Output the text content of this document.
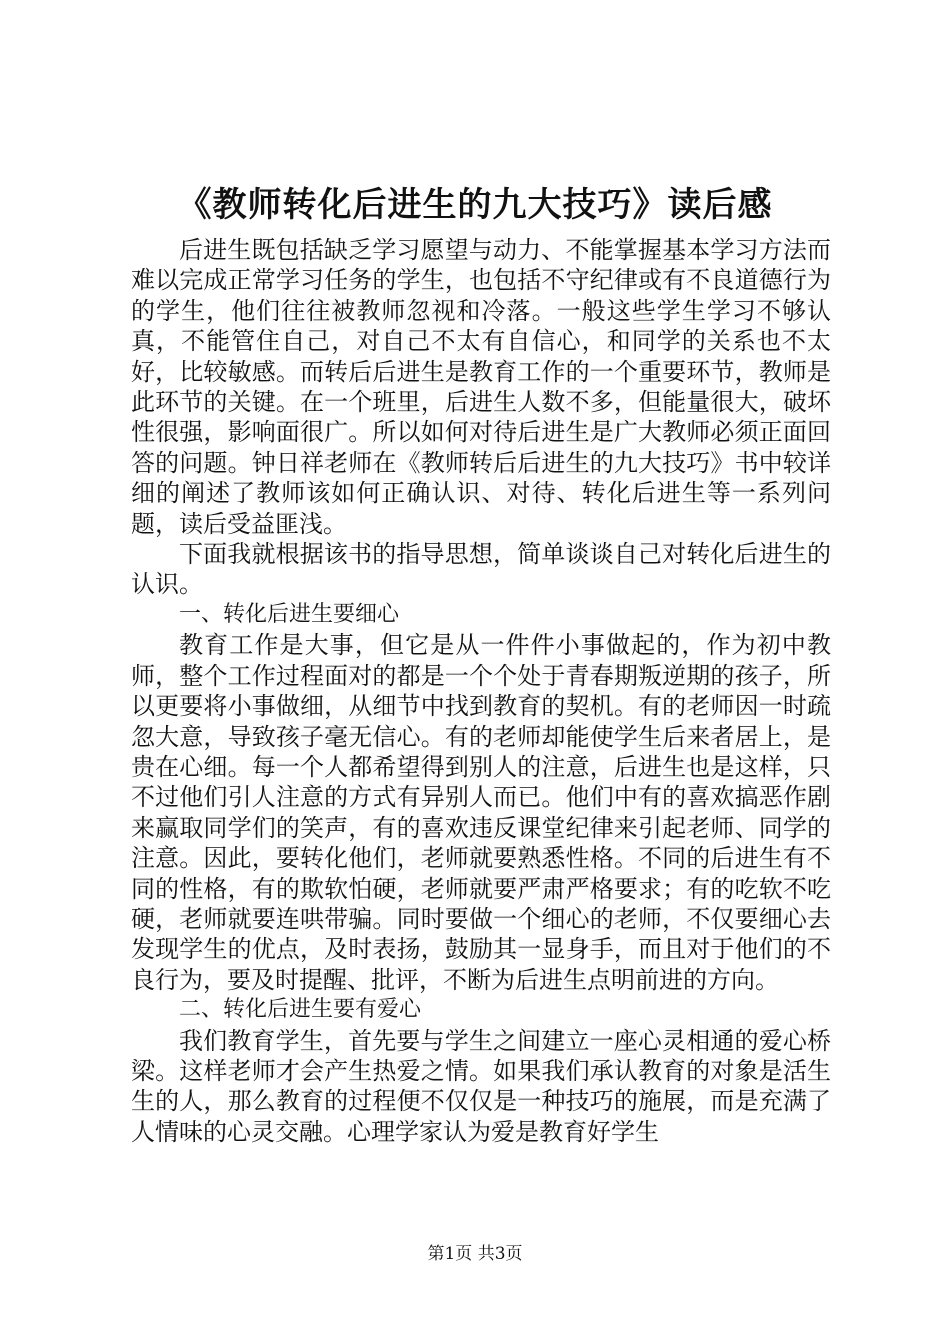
《教师转化后进生的九大技巧》读后感

后进生既包括缺乏学习愿望与动力、不能掌握基本学习方法而难以完成正常学习任务的学生，也包括不守纪律或有不良道德行为的学生，他们往往被教师忽视和冷落。一般这些学生学习不够认真，不能管住自己，对自己不太有自信心，和同学的关系也不太好，比较敏感。而转后后进生是教育工作的一个重要环节，教师是此环节的关键。在一个班里，后进生人数不多，但能量很大，破坏性很强，影响面很广。所以如何对待后进生是广大教师必须正面回答的问题。钟日祥老师在《教师转后后进生的九大技巧》书中较详细的阐述了教师该如何正确认识、对待、转化后进生等一系列问题，读后受益匪浅。

下面我就根据该书的指导思想，简单谈谈自己对转化后进生的认识。

一、转化后进生要细心

教育工作是大事，但它是从一件件小事做起的，作为初中教师，整个工作过程面对的都是一个个处于青春期叛逆期的孩子，所以更要将小事做细，从细节中找到教育的契机。有的老师因一时疏忽大意，导致孩子毫无信心。有的老师却能使学生后来者居上，是贵在心细。每一个人都希望得到别人的注意，后进生也是这样，只不过他们引人注意的方式有异别人而已。他们中有的喜欢搞恶作剧来赢取同学们的笑声，有的喜欢违反课堂纪律来引起老师、同学的注意。因此，要转化他们，老师就要熟悉性格。不同的后进生有不同的性格，有的欺软怕硬，老师就要严肃严格要求；有的吃软不吃硬，老师就要连哄带骗。同时要做一个细心的老师，不仅要细心去发现学生的优点，及时表扬，鼓励其一显身手，而且对于他们的不良行为，要及时提醒、批评，不断为后进生点明前进的方向。

二、转化后进生要有爱心

我们教育学生，首先要与学生之间建立一座心灵相通的爱心桥梁。这样老师才会产生热爱之情。如果我们承认教育的对象是活生生的人，那么教育的过程便不仅仅是一种技巧的施展，而是充满了人情味的心灵交融。心理学家认为爱是教育好学生

第1页 共3页
